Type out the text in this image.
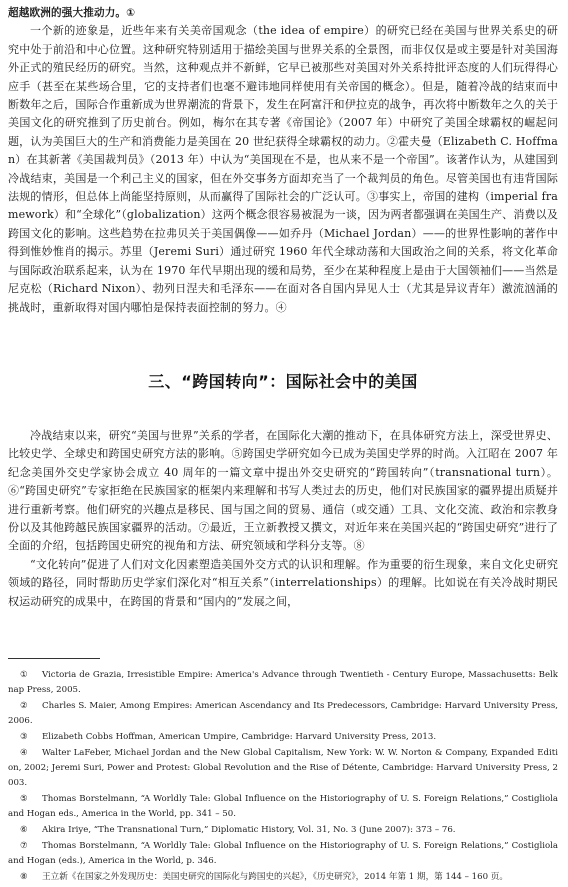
超越欧洲的强大推动力。①

一个新的迹象是，近些年来有关美帝国观念（the idea of empire）的研究已经在美国与世界关系史的研究中处于前沿和中心位置。这种研究特别适用于描绘美国与世界关系的全景图，而非仅仅是或主要是针对美国海外正式的殖民经历的研究。当然，这种观点并不新鲜，它早已被那些对美国对外关系持批评态度的人们玩得得心应手（甚至在某些场合里，它的支持者们也毫不避讳地同样使用有关帝国的概念）。但是，随着冷战的结束而中断数年之后，国际合作重新成为世界潮流的背景下，发生在阿富汗和伊拉克的战争，再次将中断数年之久的关于美国文化的研究推到了历史前台。例如，梅尔在其专著《帝国论》（2007 年）中研究了美国全球霸权的崛起问题，认为美国巨大的生产和消费能力是美国在 20 世纪获得全球霸权的动力。②霍夫曼（Elizabeth C. Hoffman）在其新著《美国裁判员》（2013 年）中认为“美国现在不是，也从来不是一个帝国”。该著作认为，从建国到冷战结束，美国是一个利己主义的国家，但在外交事务方面却充当了一个裁判员的角色。尽管美国也有违背国际法规的情形，但总体上尚能坚持原则，从而赢得了国际社会的广泛认可。③事实上，帝国的建构（imperial framework）和“全球化”（globalization）这两个概念很容易被混为一谈，因为两者都强调在美国生产、消费以及跨国文化的影响。这些趋势在拉弗贝关于美国偶像——如乔丹（Michael Jordan）——的世界性影响的著作中得到惟妙惟肖的揭示。苏里（Jeremi Suri）通过研究 1960 年代全球动荡和大国政治之间的关系，将文化革命与国际政治联系起来，认为在 1970 年代早期出现的缓和局势，至少在某种程度上是由于大国领袖们——当然是尼克松（Richard Nixon）、勃列日涅夫和毛泽东——在面对各自国内异见人士（尤其是异议青年）激流汹涌的挑战时，重新取得对国内哪怕是保持表面控制的努力。④

三、“跨国转向”：国际社会中的美国

冷战结束以来，研究“美国与世界”关系的学者，在国际化大潮的推动下，在具体研究方法上，深受世界史、比较史学、全球史和跨国史研究方法的影响。⑤跨国史学研究如今已成为美国史学界的时尚。入江昭在 2007 年纪念美国外交史学家协会成立 40 周年的一篇文章中提出外交史研究的“跨国转向”（transnational turn）。⑥“跨国史研究”专家拒绝在民族国家的框架内来理解和书写人类过去的历史，他们对民族国家的疆界提出质疑并进行重新考察。他们研究的兴趣点是移民、国与国之间的贸易、通信（或交通）工具、文化交流、政治和宗教身份以及其他跨越民族国家疆界的活动。⑦最近，王立新教授又撰文，对近年来在美国兴起的“跨国史研究”进行了全面的介绍，包括跨国史研究的视角和方法、研究领域和学科分支等。⑧

“文化转向”促进了人们对文化因素塑造美国外交方式的认识和理解。作为重要的衍生现象，来自文化史研究领域的路径，同时帮助历史学家们深化对“相互关系”（interrelationships）的理解。比如说在有关冷战时期民权运动研究的成果中，在跨国的背景和“国内的”发展之间，

① Victoria de Grazia, Irresistible Empire: America's Advance through Twentieth - Century Europe, Massachusetts: Belknap Press, 2005.

② Charles S. Maier, Among Empires: American Ascendancy and Its Predecessors, Cambridge: Harvard University Press, 2006.

③ Elizabeth Cobbs Hoffman, American Umpire, Cambridge: Harvard University Press, 2013.

④ Walter LaFeber, Michael Jordan and the New Global Capitalism, New York: W. W. Norton & Company, Expanded Edition, 2002; Jeremi Suri, Power and Protest: Global Revolution and the Rise of Détente, Cambridge: Harvard University Press, 2003.

⑤ Thomas Borstelmann, “A Worldly Tale: Global Influence on the Historiography of U. S. Foreign Relations,” Costigliola and Hogan eds., America in the World, pp. 341 – 50.

⑥ Akira Iriye, “The Transnational Turn,” Diplomatic History, Vol. 31, No. 3 (June 2007): 373 – 76.

⑦ Thomas Borstelmann, “A Worldly Tale: Global Influence on the Historiography of U. S. Foreign Relations,” Costigliola and Hogan (eds.), America in the World, p. 346.

⑧ 王立新《在国家之外发现历史：美国史研究的国际化与跨国史的兴起》，《历史研究》，2014 年第 1 期，第 144 – 160 页。
